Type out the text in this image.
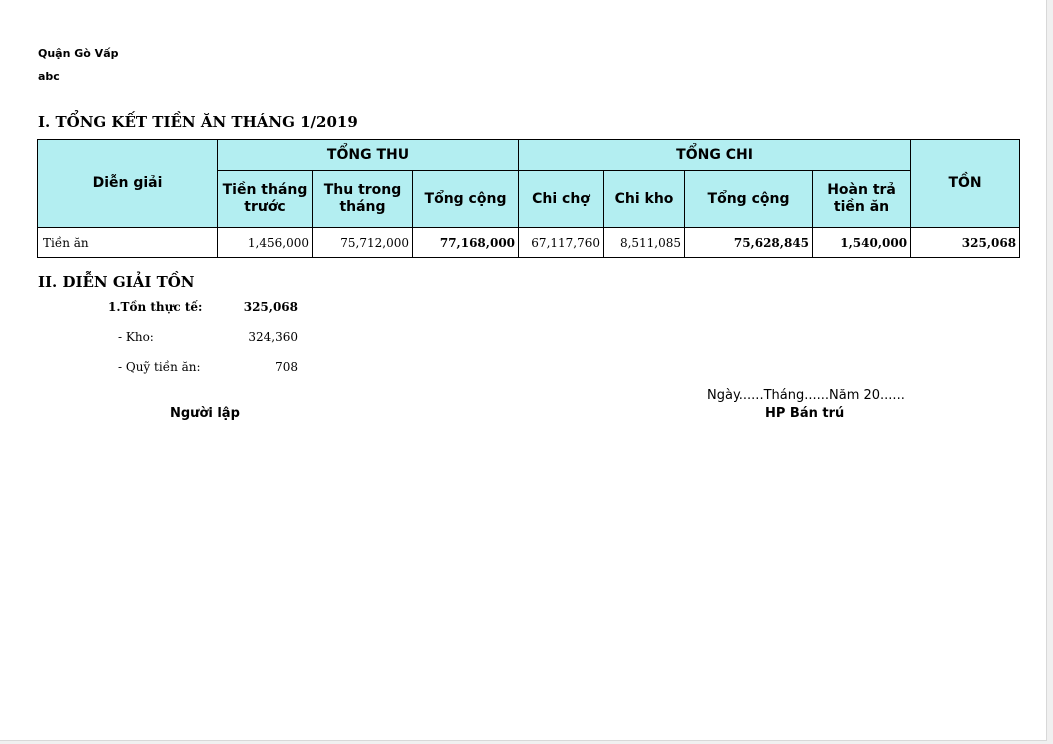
Quận Gò Vấp
abc
I. TỔNG KẾT TIỀN ĂN THÁNG 1/2019
Diễn giải	TỔNG THU			TỔNG CHI				TỒN
	Tiền tháng trước	Thu trong tháng	Tổng cộng	Chi chợ	Chi kho	Tổng cộng	Hoàn trả tiền ăn	
Tiền ăn	1,456,000	75,712,000	77,168,000	67,117,760	8,511,085	75,628,845	1,540,000	325,068
II. DIỄN GIẢI TỒN
1.Tồn thực tế:	325,068
- Kho:	324,360
- Quỹ tiền ăn:	708
Ngày......Tháng......Năm 20......
Người lập	HP Bán trú
